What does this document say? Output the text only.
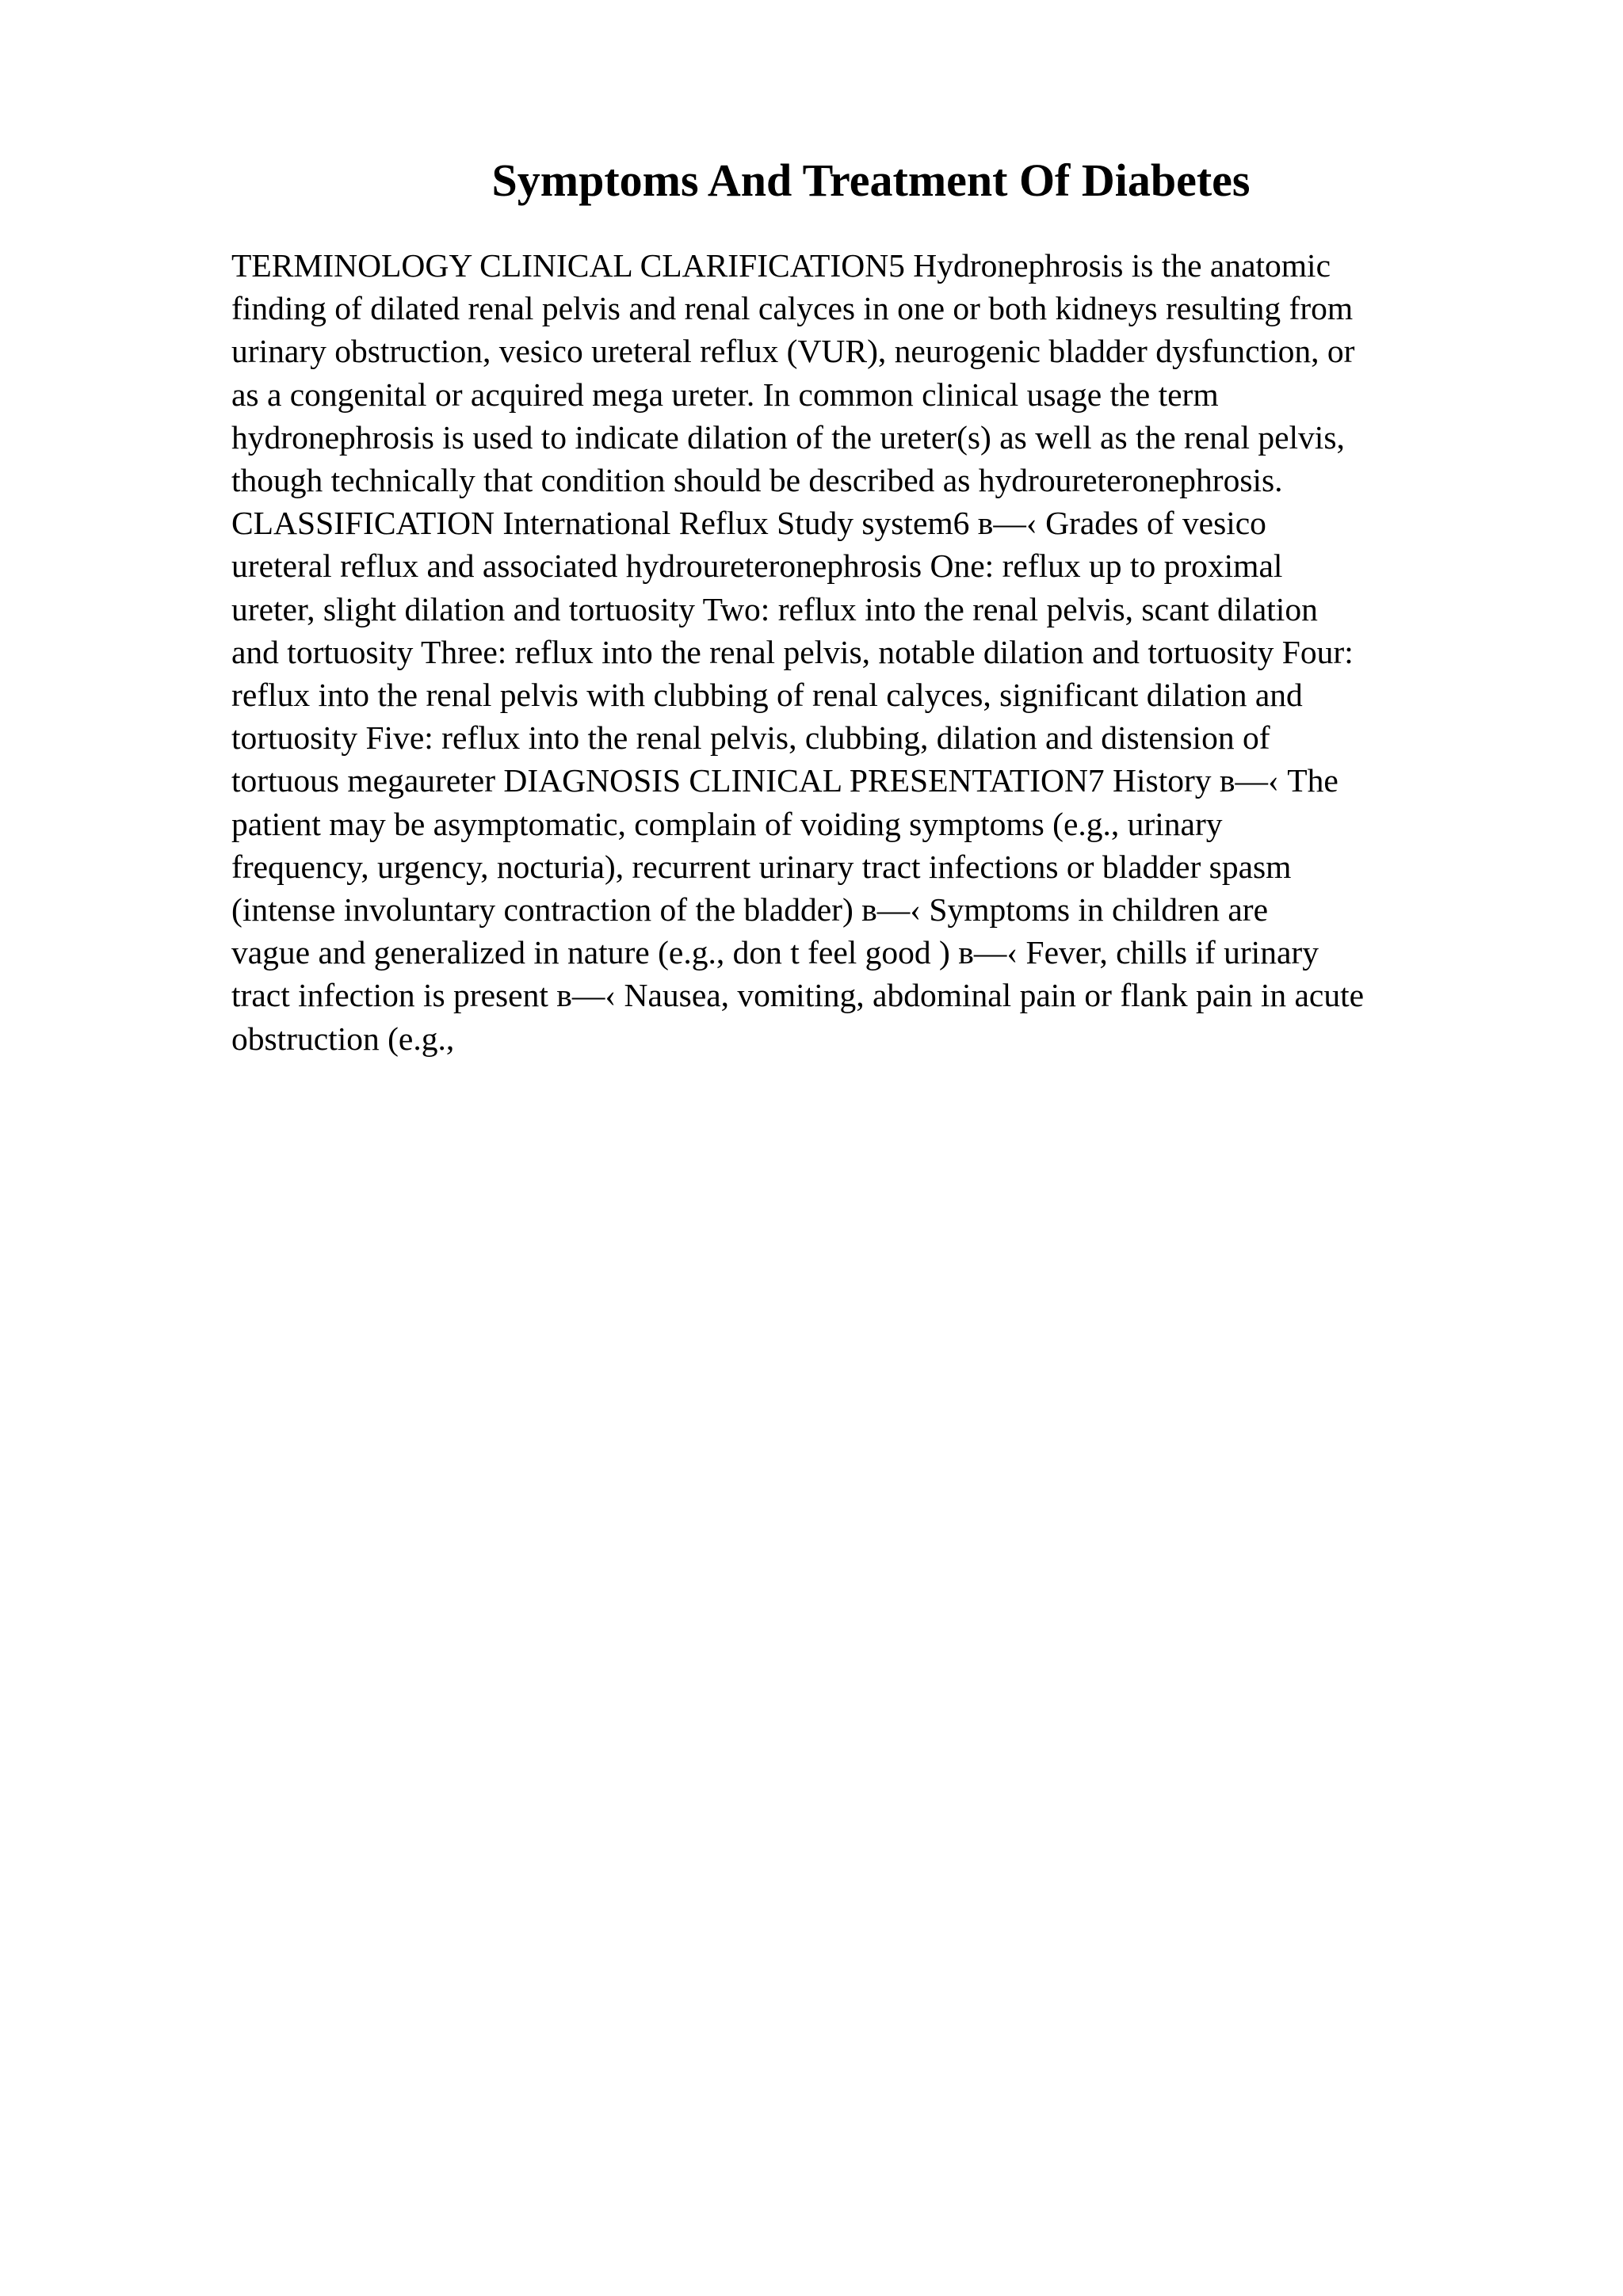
Symptoms And Treatment Of Diabetes
TERMINOLOGY CLINICAL CLARIFICATION5 Hydronephrosis is the anatomic
finding of dilated renal pelvis and renal calyces in one or both kidneys resulting from
urinary obstruction, vesico ureteral reflux (VUR), neurogenic bladder dysfunction, or
as a congenital or acquired mega ureter. In common clinical usage the term
hydronephrosis is used to indicate dilation of the ureter(s) as well as the renal pelvis,
though technically that condition should be described as hydroureteronephrosis.
CLASSIFICATION International Reflux Study system6 в—‹ Grades of vesico
ureteral reflux and associated hydroureteronephrosis One: reflux up to proximal
ureter, slight dilation and tortuosity Two: reflux into the renal pelvis, scant dilation
and tortuosity Three: reflux into the renal pelvis, notable dilation and tortuosity Four:
reflux into the renal pelvis with clubbing of renal calyces, significant dilation and
tortuosity Five: reflux into the renal pelvis, clubbing, dilation and distension of
tortuous megaureter DIAGNOSIS CLINICAL PRESENTATION7 History в—‹ The
patient may be asymptomatic, complain of voiding symptoms (e.g., urinary
frequency, urgency, nocturia), recurrent urinary tract infections or bladder spasm
(intense involuntary contraction of the bladder) в—‹ Symptoms in children are
vague and generalized in nature (e.g., don t feel good ) в—‹ Fever, chills if urinary
tract infection is present в—‹ Nausea, vomiting, abdominal pain or flank pain in acute
obstruction (e.g.,
